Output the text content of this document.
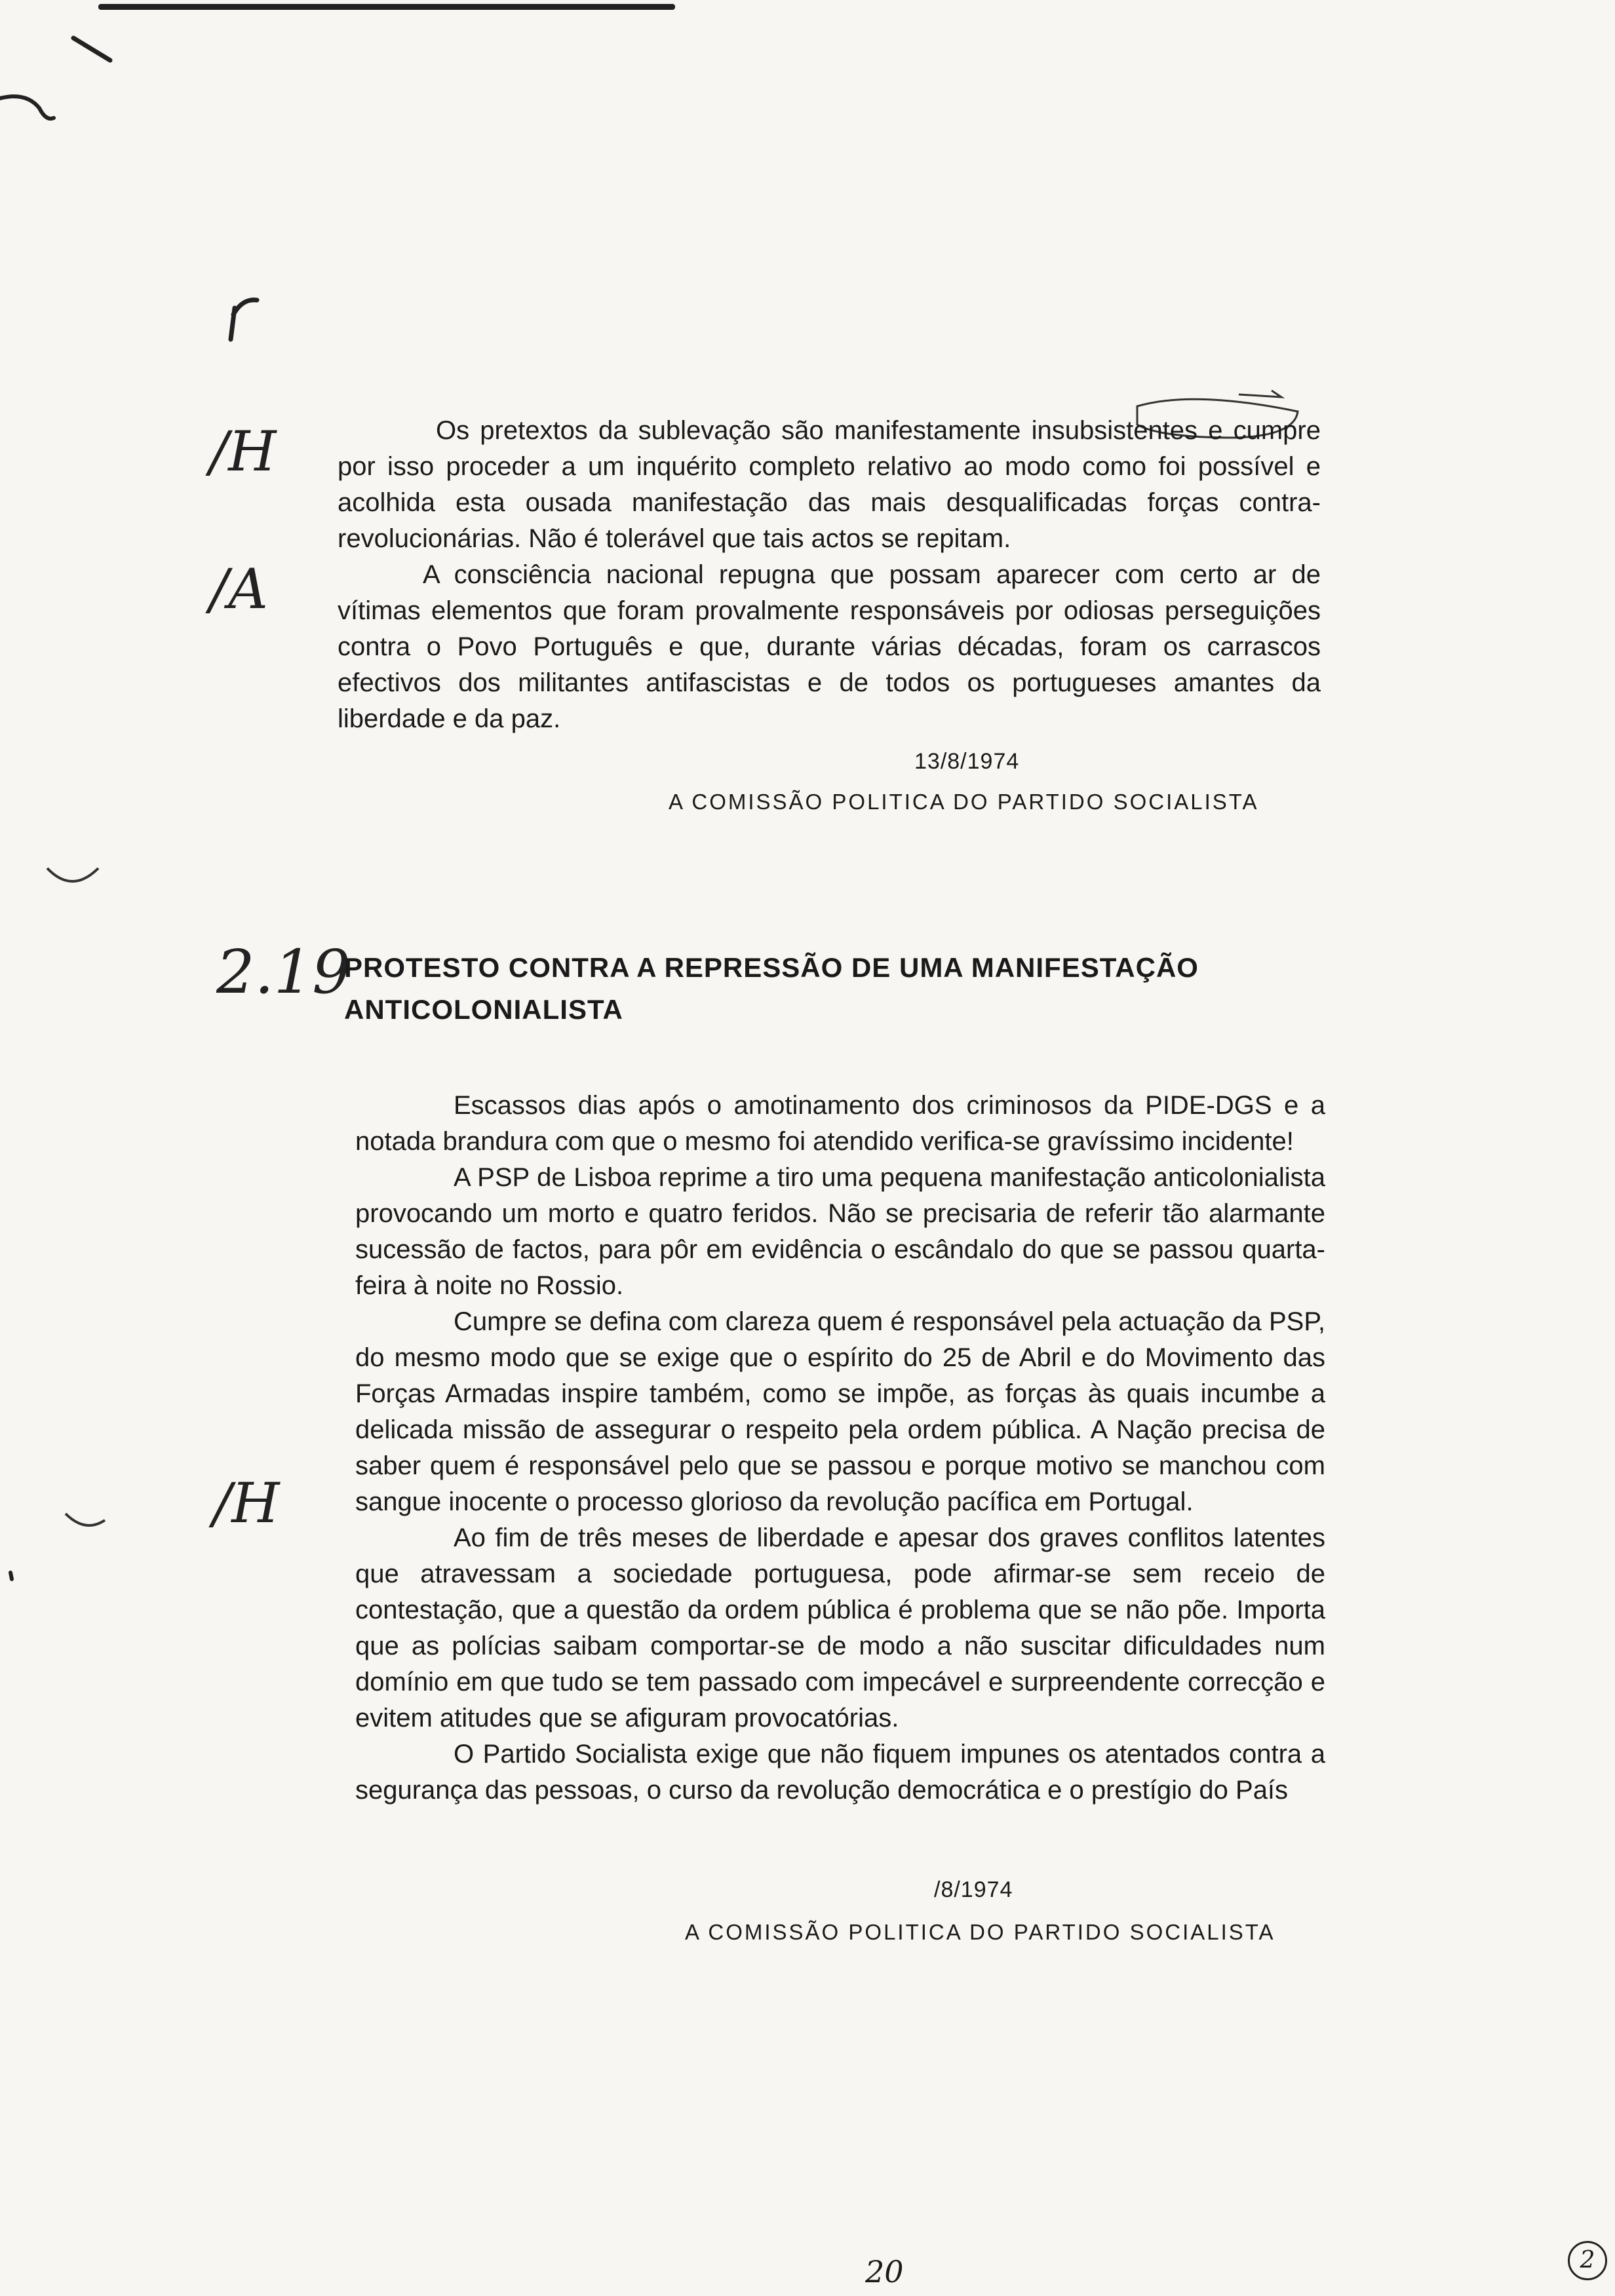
/H
/A
2.19
/H

Os pretextos da sublevação são manifestamente insubsistentes e cumpre por isso proceder a um inquérito completo relativo ao modo como foi possível e acolhida esta ousada manifestação das mais desqualificadas forças contra-revolucionárias. Não é tolerável que tais actos se repitam.

A consciência nacional repugna que possam aparecer com certo ar de vítimas elementos que foram provalmente responsáveis por odiosas perseguições contra o Povo Português e que, durante várias décadas, foram os carrascos efectivos dos militantes antifascistas e de todos os portugueses amantes da liberdade e da paz.

13/8/1974
A COMISSÃO POLITICA DO PARTIDO SOCIALISTA
PROTESTO CONTRA A REPRESSÃO DE UMA MANIFESTAÇÃO
ANTICOLONIALISTA

Escassos dias após o amotinamento dos criminosos da PIDE-DGS e a notada brandura com que o mesmo foi atendido verifica-se gravíssimo incidente!

A PSP de Lisboa reprime a tiro uma pequena manifestação anticolonialista provocando um morto e quatro feridos. Não se precisaria de referir tão alarmante sucessão de factos, para pôr em evidência o escândalo do que se passou quarta-feira à noite no Rossio.

Cumpre se defina com clareza quem é responsável pela actuação da PSP, do mesmo modo que se exige que o espírito do 25 de Abril e do Movimento das Forças Armadas inspire também, como se impõe, as forças às quais incumbe a delicada missão de assegurar o respeito pela ordem pública. A Nação precisa de saber quem é responsável pelo que se passou e porque motivo se manchou com sangue inocente o processo glorioso da revolução pacífica em Portugal.

Ao fim de três meses de liberdade e apesar dos graves conflitos latentes que atravessam a sociedade portuguesa, pode afirmar-se sem receio de contestação, que a questão da ordem pública é problema que se não põe. Importa que as polícias saibam comportar-se de modo a não suscitar dificuldades num domínio em que tudo se tem passado com impecável e surpreendente correcção e evitem atitudes que se afiguram provocatórias.

O Partido Socialista exige que não fiquem impunes os atentados contra a segurança das pessoas, o curso da revolução democrática e o prestígio do País

/8/1974
A COMISSÃO POLITICA DO PARTIDO SOCIALISTA
20	2
